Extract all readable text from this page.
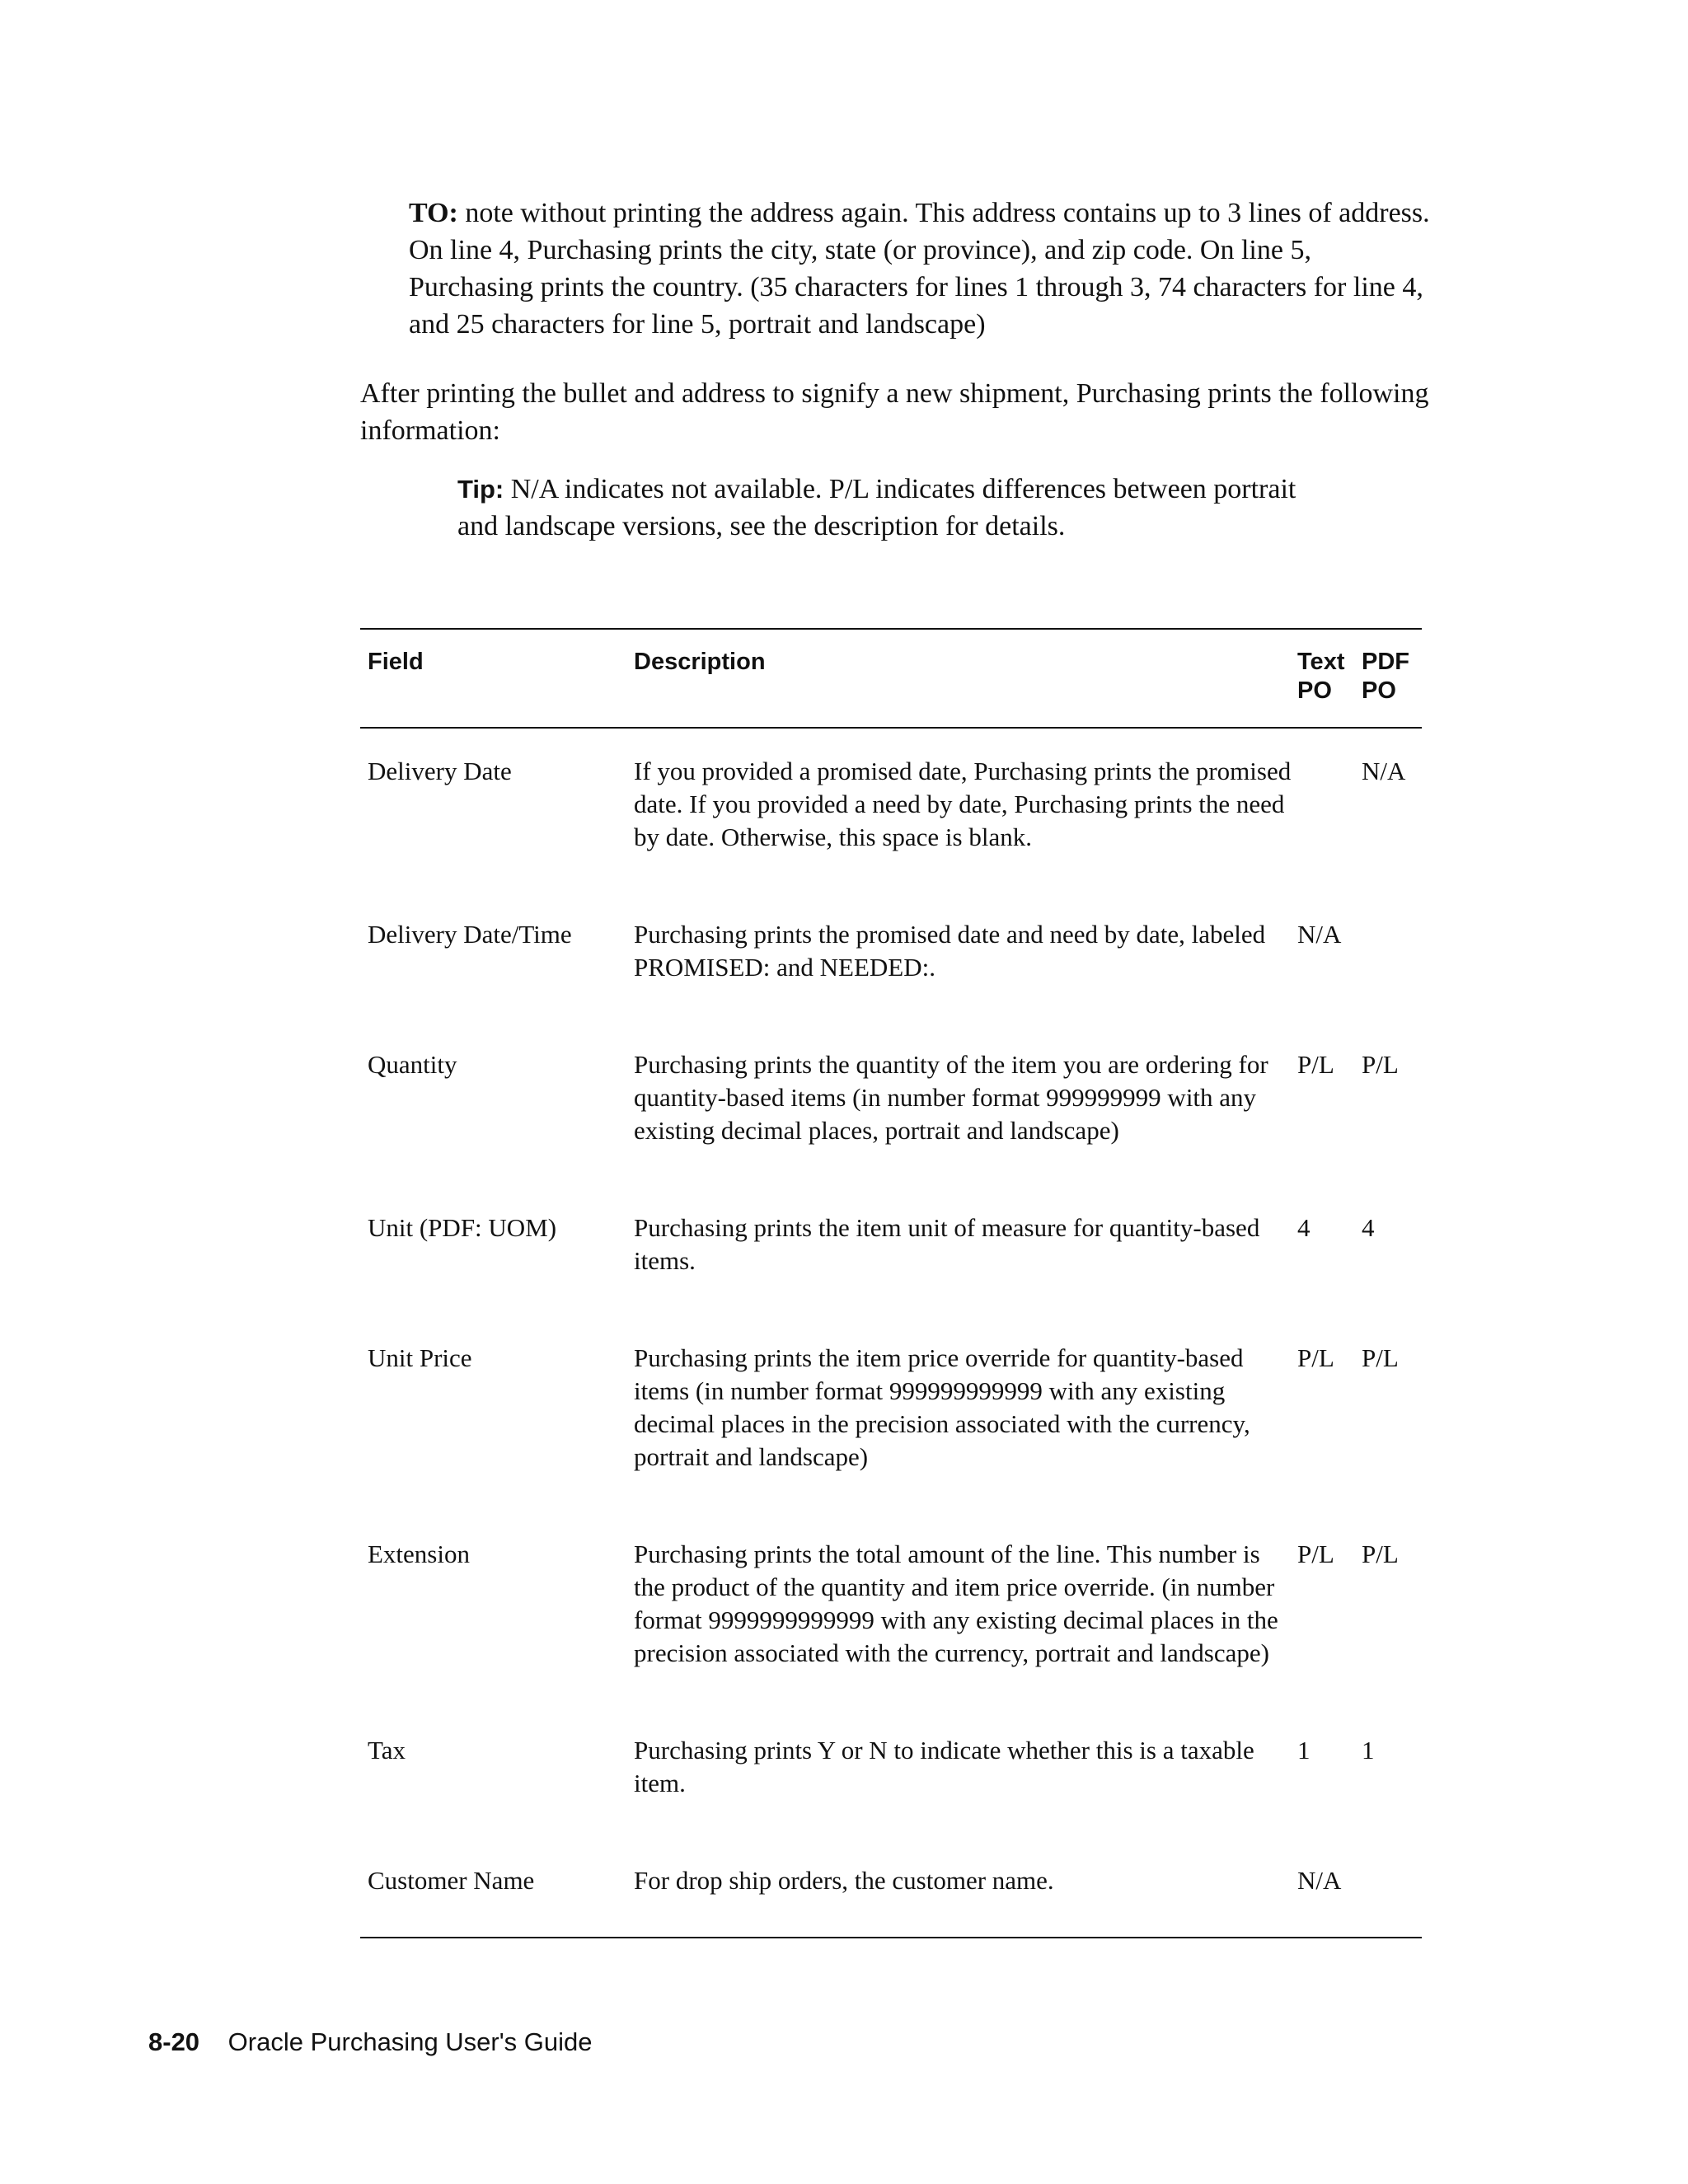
TO: note without printing the address again. This address contains up to 3 lines of address. On line 4, Purchasing prints the city, state (or province), and zip code. On line 5, Purchasing prints the country. (35 characters for lines 1 through 3, 74 characters for line 4, and 25 characters for line 5, portrait and landscape)
After printing the bullet and address to signify a new shipment, Purchasing prints the following information:
Tip: N/A indicates not available. P/L indicates differences between portrait and landscape versions, see the description for details.
Field	Description	Text PO	PDF PO
Delivery Date	If you provided a promised date, Purchasing prints the promised date. If you provided a need by date, Purchasing prints the need by date. Otherwise, this space is blank.		N/A
Delivery Date/Time	Purchasing prints the promised date and need by date, labeled PROMISED: and NEEDED:.	N/A	
Quantity	Purchasing prints the quantity of the item you are ordering for quantity-based items (in number format 999999999 with any existing decimal places, portrait and landscape)	P/L	P/L
Unit (PDF: UOM)	Purchasing prints the item unit of measure for quantity-based items.	4	4
Unit Price	Purchasing prints the item price override for quantity-based items (in number format 999999999999 with any existing decimal places in the precision associated with the currency, portrait and landscape)	P/L	P/L
Extension	Purchasing prints the total amount of the line. This number is the product of the quantity and item price override. (in number format 9999999999999 with any existing decimal places in the precision associated with the currency, portrait and landscape)	P/L	P/L
Tax	Purchasing prints Y or N to indicate whether this is a taxable item.	1	1
Customer Name	For drop ship orders, the customer name.	N/A	
8-20 Oracle Purchasing User's Guide
